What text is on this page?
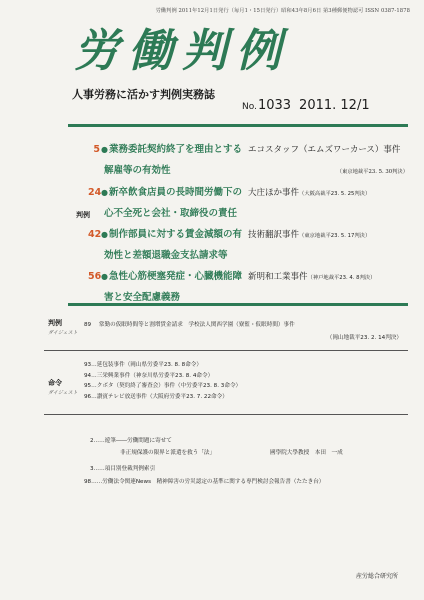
労働判例 2011年12月1日発行（毎月1・15日発行）昭和43年8月6日 第3種郵便物認可 ISSN 0387-1878
労働判例
人事労務に活かす判例実務誌
No.1033 2011. 12/1
判例
5●業務委託契約終了を理由とする エコスタッフ（エムズワーカース）事件
解雇等の有効性	（東京地裁平23. 5. 30判決）
24●新卒飲食店員の長時間労働下の 大庄ほか事件（大阪高裁平23. 5. 25判決）
心不全死と会社・取締役の責任
42●制作部員に対する賃金減額の有 技術翻訳事件（東京地裁平23. 5. 17判決）
効性と差額退職金支払請求等
56●急性心筋梗塞発症・心臓機能障 新明和工業事件（神戸地裁平23. 4. 8判決）
害と安全配慮義務
判例
ダイジェスト
89 常勤の仮眠時間等と割増賃金請求　学校法人関西学園（寮監・仮眠時間）事件
（岡山地裁平23. 2. 14判決）
命令
ダイジェスト
93…延包装事件（岡山県労委平23. 8. 8命令）
94…三栄興業事件（神奈川県労委平23. 8. 4命令）
95…クボタ（契約終了審査会）事件（中労委平23. 8. 3命令）
96…讃賓テレビ放送事件（大阪府労委平23. 7. 22命令）
2……遊筆――労働問題に寄せて
非正規保護の限界と派遣を救う「法」	國學院大學教授　本田　一成
3……項目別登載判例索引
98……労働法令関連News　精神障害の労災認定の基準に関する専門検討会報告書（たたき台）
産労総合研究所
